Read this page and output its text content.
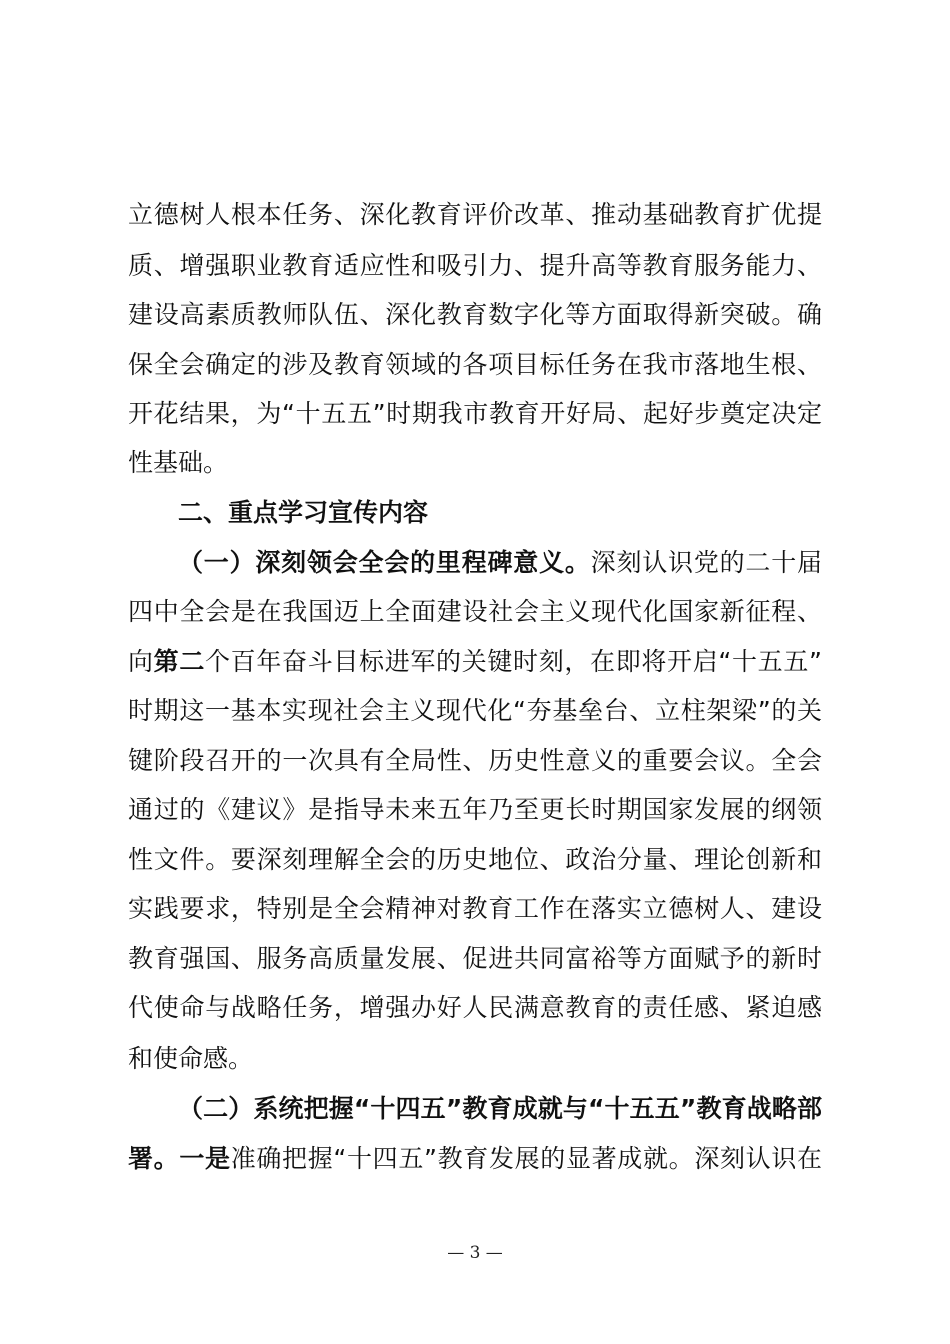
立德树人根本任务、深化教育评价改革、推动基础教育扩优提
质、增强职业教育适应性和吸引力、提升高等教育服务能力、
建设高素质教师队伍、深化教育数字化等方面取得新突破。确
保全会确定的涉及教育领域的各项目标任务在我市落地生根、
开花结果，为“十五五”时期我市教育开好局、起好步奠定决定
性基础。
二、重点学习宣传内容
（一）深刻领会全会的里程碑意义。深刻认识党的二十届
四中全会是在我国迈上全面建设社会主义现代化国家新征程、
向第二个百年奋斗目标进军的关键时刻，在即将开启“十五五”
时期这一基本实现社会主义现代化“夯基垒台、立柱架梁”的关
键阶段召开的一次具有全局性、历史性意义的重要会议。全会
通过的《建议》是指导未来五年乃至更长时期国家发展的纲领
性文件。要深刻理解全会的历史地位、政治分量、理论创新和
实践要求，特别是全会精神对教育工作在落实立德树人、建设
教育强国、服务高质量发展、促进共同富裕等方面赋予的新时
代使命与战略任务，增强办好人民满意教育的责任感、紧迫感
和使命感。
（二）系统把握“十四五”教育成就与“十五五”教育战略部
署。一是准确把握“十四五”教育发展的显著成就。深刻认识在
— 3 —
